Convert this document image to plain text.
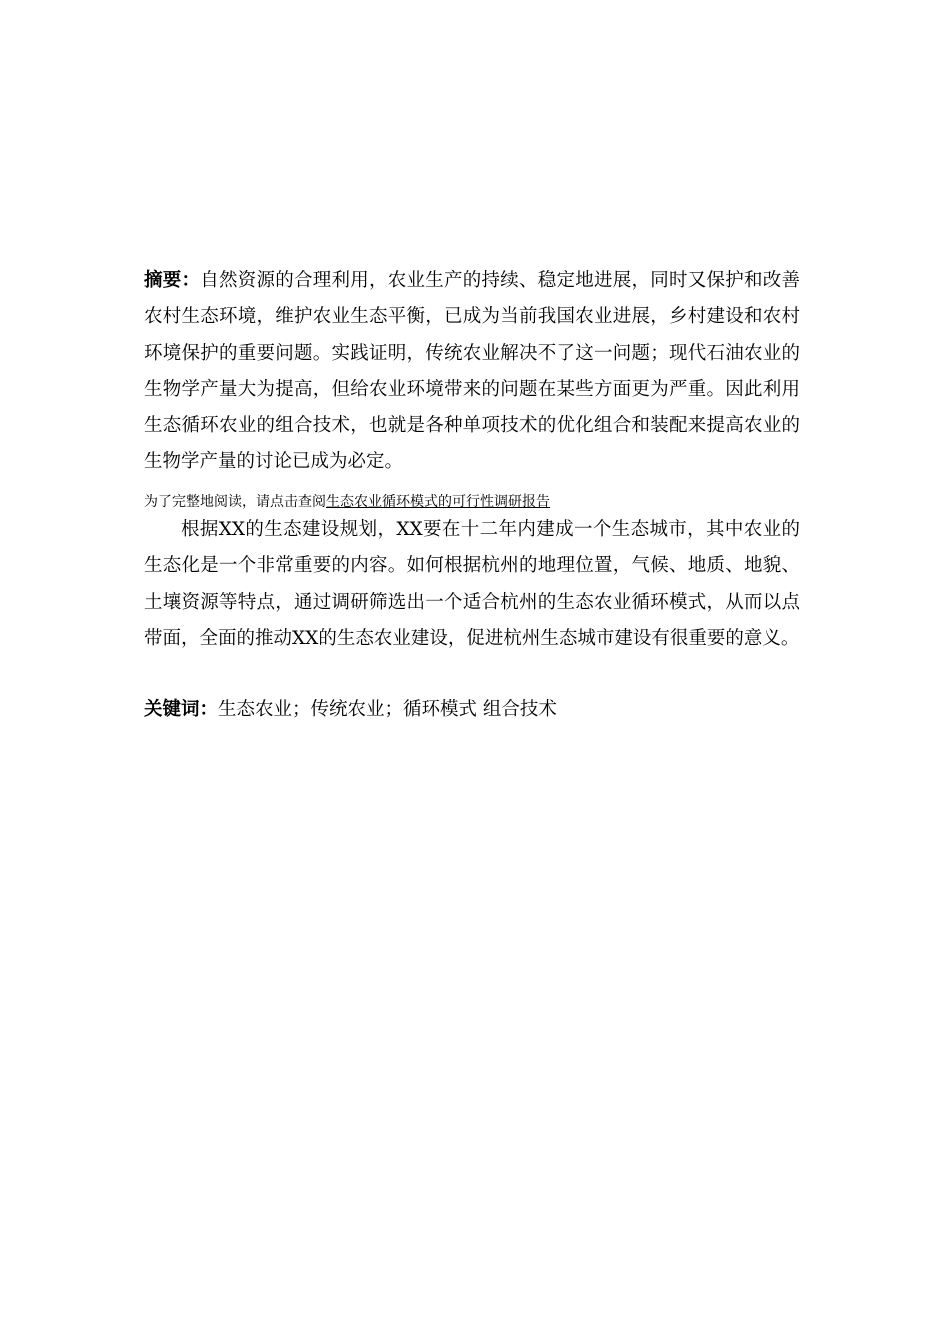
摘要：自然资源的合理利用，农业生产的持续、稳定地进展，同时又保护和改善农村生态环境，维护农业生态平衡，已成为当前我国农业进展，乡村建设和农村环境保护的重要问题。实践证明，传统农业解决不了这一问题；现代石油农业的生物学产量大为提高，但给农业环境带来的问题在某些方面更为严重。因此利用生态循环农业的组合技术，也就是各种单项技术的优化组合和装配来提高农业的生物学产量的讨论已成为必定。
为了完整地阅读，请点击查阅生态农业循环模式的可行性调研报告
根据XX的生态建设规划，XX要在十二年内建成一个生态城市，其中农业的生态化是一个非常重要的内容。如何根据杭州的地理位置，气候、地质、地貌、土壤资源等特点，通过调研筛选出一个适合杭州的生态农业循环模式，从而以点带面，全面的推动XX的生态农业建设，促进杭州生态城市建设有很重要的意义。
关键词：生态农业；传统农业；循环模式 组合技术
